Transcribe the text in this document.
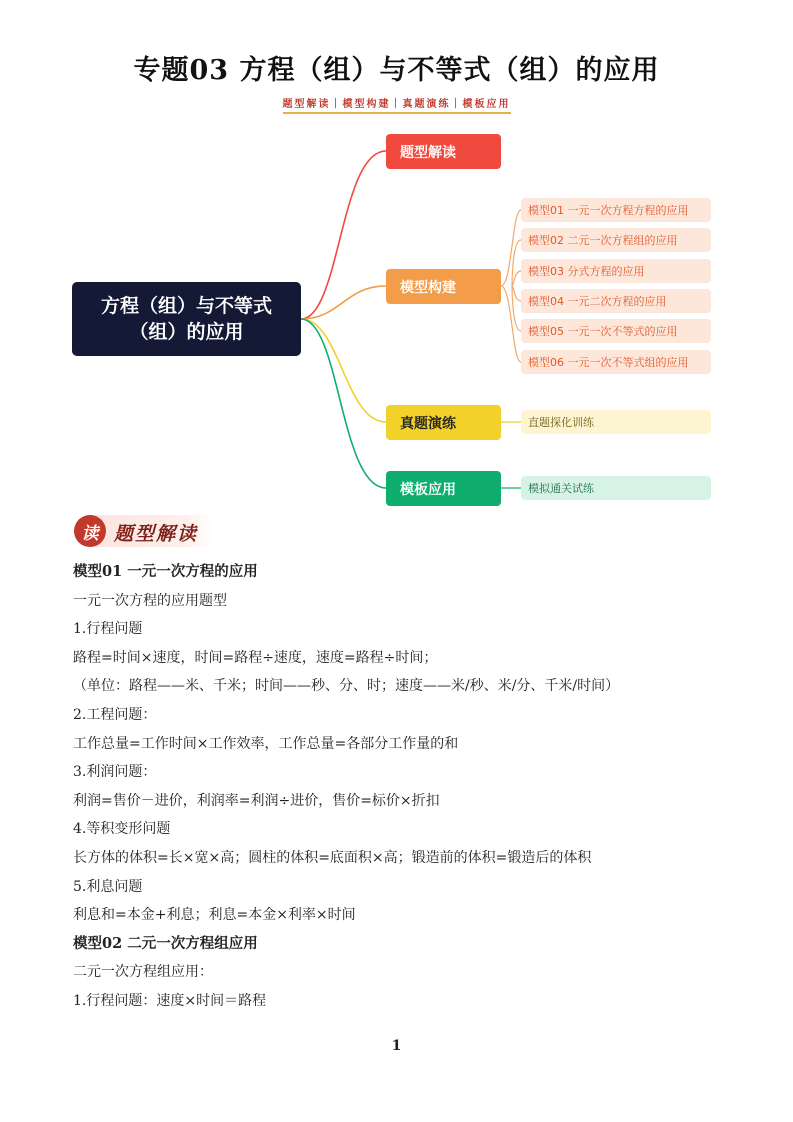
专题03 方程（组）与不等式（组）的应用
题型解读｜模型构建｜真题演练｜模板应用
方程（组）与不等式（组）的应用
题型解读
模型构建
真题演练
模板应用
模型01 一元一次方程方程的应用
模型02 二元一次方程组的应用
模型03 分式方程的应用
模型04 一元二次方程的应用
模型05 一元一次不等式的应用
模型06 一元一次不等式组的应用
直题探化训练
模拟通关试练
读 题型解读
模型01 一元一次方程的应用
一元一次方程的应用题型
1.行程问题
路程=时间×速度，时间=路程÷速度，速度=路程÷时间；
（单位：路程——米、千米；时间——秒、分、时；速度——米/秒、米/分、千米/时间）
2.工程问题：
工作总量=工作时间×工作效率，工作总量=各部分工作量的和
3.利润问题：
利润=售价－进价，利润率=利润÷进价，售价=标价×折扣
4.等积变形问题
长方体的体积=长×宽×高；圆柱的体积=底面积×高；锻造前的体积=锻造后的体积
5.利息问题
利息和=本金+利息；利息=本金×利率×时间
模型02 二元一次方程组应用
二元一次方程组应用：
1.行程问题：速度×时间＝路程
1
